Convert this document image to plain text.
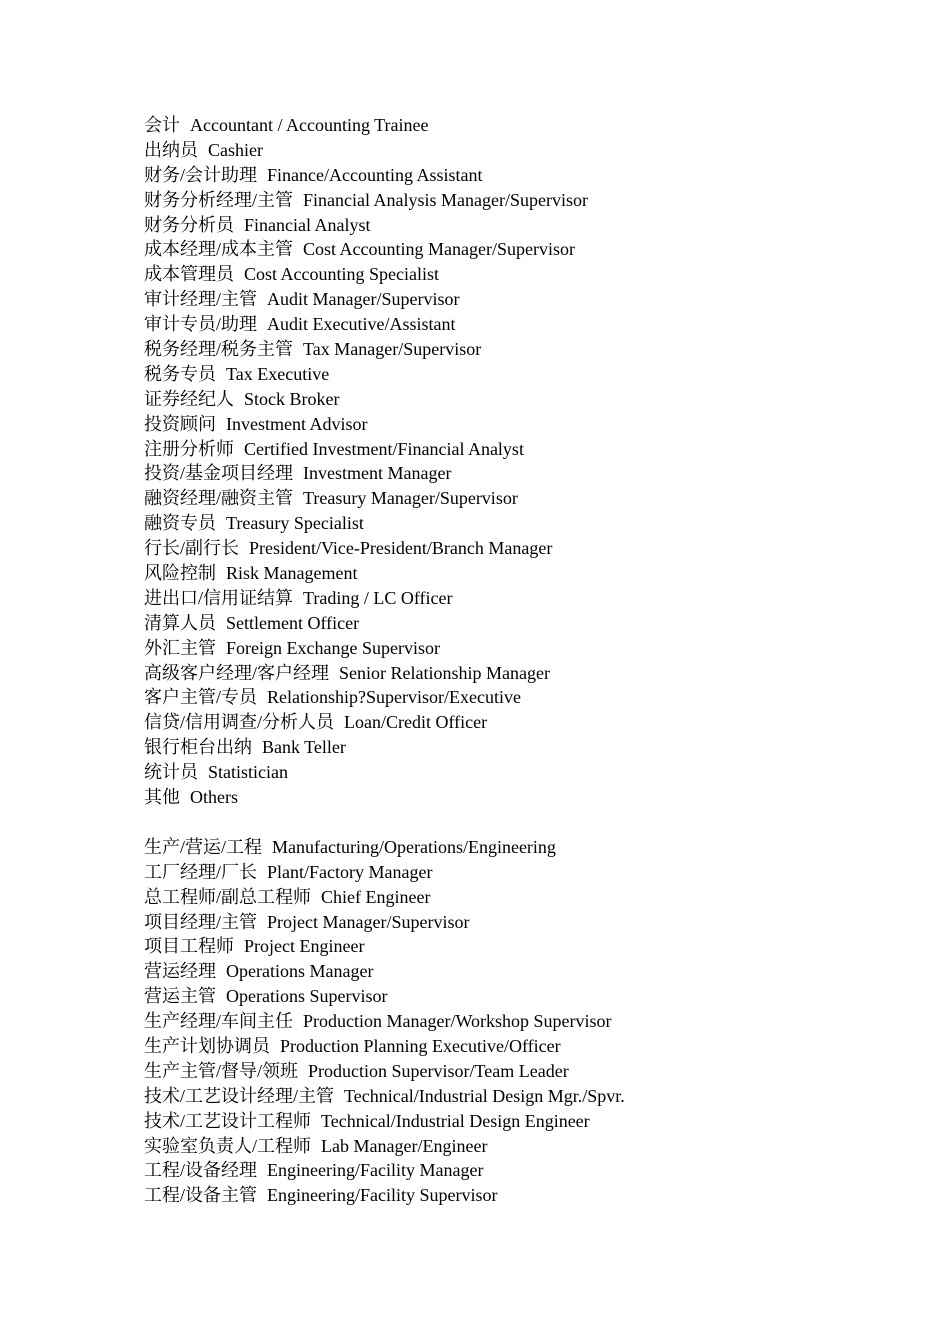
会计 Accountant / Accounting Trainee
出纳员 Cashier
财务/会计助理 Finance/Accounting Assistant
财务分析经理/主管 Financial Analysis Manager/Supervisor
财务分析员 Financial Analyst
成本经理/成本主管 Cost Accounting Manager/Supervisor
成本管理员 Cost Accounting Specialist
审计经理/主管 Audit Manager/Supervisor
审计专员/助理 Audit Executive/Assistant
税务经理/税务主管 Tax Manager/Supervisor
税务专员 Tax Executive
证券经纪人 Stock Broker
投资顾问 Investment Advisor
注册分析师 Certified Investment/Financial Analyst
投资/基金项目经理 Investment Manager
融资经理/融资主管 Treasury Manager/Supervisor
融资专员 Treasury Specialist
行长/副行长 President/Vice-President/Branch Manager
风险控制 Risk Management
进出口/信用证结算 Trading / LC Officer
清算人员 Settlement Officer
外汇主管 Foreign Exchange Supervisor
高级客户经理/客户经理 Senior Relationship Manager
客户主管/专员 Relationship?Supervisor/Executive
信贷/信用调查/分析人员 Loan/Credit Officer
银行柜台出纳 Bank Teller
统计员 Statistician
其他 Others
生产/营运/工程 Manufacturing/Operations/Engineering
工厂经理/厂长 Plant/Factory Manager
总工程师/副总工程师 Chief Engineer
项目经理/主管 Project Manager/Supervisor
项目工程师 Project Engineer
营运经理 Operations Manager
营运主管 Operations Supervisor
生产经理/车间主任 Production Manager/Workshop Supervisor
生产计划协调员 Production Planning Executive/Officer
生产主管/督导/领班 Production Supervisor/Team Leader
技术/工艺设计经理/主管 Technical/Industrial Design Mgr./Spvr.
技术/工艺设计工程师 Technical/Industrial Design Engineer
实验室负责人/工程师 Lab Manager/Engineer
工程/设备经理 Engineering/Facility Manager
工程/设备主管 Engineering/Facility Supervisor
